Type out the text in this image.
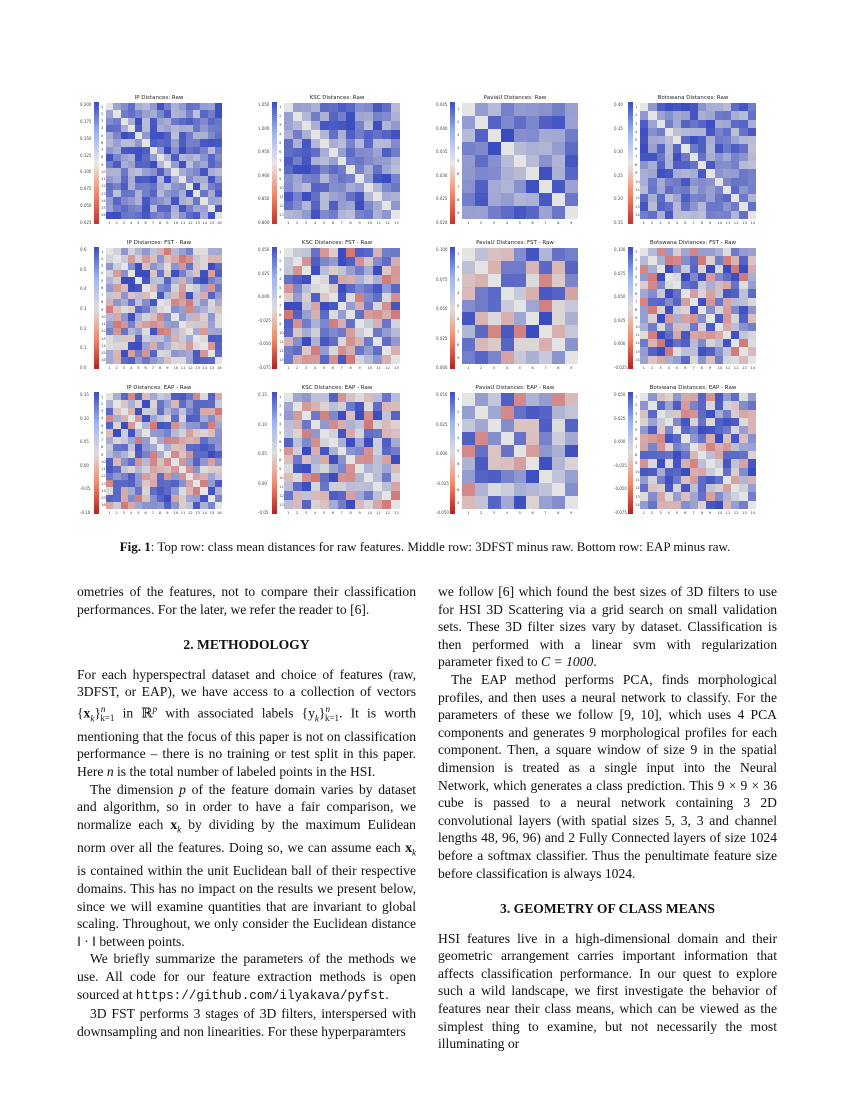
IP Distances: Raw
0.200
0.175
0.150
0.125
0.100
0.075
0.050
0.025
1
1
2
2
3
3
4
4
5
5
6
6
7
7
8
8
9
9
10
10
11
11
12
12
13
13
14
14
15
15
16
16
KSC Distances: Raw
1.050
1.000
0.950
0.900
0.850
0.800
1
1
2
2
3
3
4
4
5
5
6
6
7
7
8
8
9
9
10
10
11
11
12
12
13
13
PaviaU Distances: Raw
0.045
0.040
0.035
0.030
0.025
0.020
1
1
2
2
3
3
4
4
5
5
6
6
7
7
8
8
9
9
Botswana Distances: Raw
0.40
0.35
0.30
0.25
0.20
0.15
1
1
2
2
3
3
4
4
5
5
6
6
7
7
8
8
9
9
10
10
11
11
12
12
13
13
14
14
IP Distances: FST - Raw
0.6
0.5
0.4
0.3
0.2
0.1
0.0
1
1
2
2
3
3
4
4
5
5
6
6
7
7
8
8
9
9
10
10
11
11
12
12
13
13
14
14
15
15
16
16
KSC Distances: FST - Raw
0.050
0.025
0.000
-0.025
-0.050
-0.075
1
1
2
2
3
3
4
4
5
5
6
6
7
7
8
8
9
9
10
10
11
11
12
12
13
13
PaviaU Distances: FST - Raw
0.100
0.075
0.050
0.025
0.000
1
1
2
2
3
3
4
4
5
5
6
6
7
7
8
8
9
9
Botswana Distances: FST - Raw
0.100
0.075
0.050
0.025
0.000
-0.025
1
1
2
2
3
3
4
4
5
5
6
6
7
7
8
8
9
9
10
10
11
11
12
12
13
13
14
14
IP Distances: EAP - Raw
0.15
0.10
0.05
0.00
-0.05
-0.10
1
1
2
2
3
3
4
4
5
5
6
6
7
7
8
8
9
9
10
10
11
11
12
12
13
13
14
14
15
15
16
16
KSC Distances: EAP - Raw
0.15
0.10
0.05
0.00
-0.05
1
1
2
2
3
3
4
4
5
5
6
6
7
7
8
8
9
9
10
10
11
11
12
12
13
13
PaviaU Distances: EAP - Raw
0.050
0.025
0.000
-0.025
-0.050
1
1
2
2
3
3
4
4
5
5
6
6
7
7
8
8
9
9
Botswana Distances: EAP - Raw
0.050
0.025
0.000
-0.025
-0.050
-0.075
1
1
2
2
3
3
4
4
5
5
6
6
7
7
8
8
9
9
10
10
11
11
12
12
13
13
14
14
Fig. 1: Top row: class mean distances for raw features. Middle row: 3DFST minus raw. Bottom row: EAP minus raw.

ometries of the features, not to compare their classification performances. For the later, we refer the reader to [6].

2. METHODOLOGY

For each hyperspectral dataset and choice of features (raw, 3DFST, or EAP), we have access to a collection of vectors $\{x_k\}^n_{k=1}$ in ℝ$^p$ with associated labels $\{y_k\}^n_{k=1}$. It is worth mentioning that the focus of this paper is not on classification performance – there is no training or test split in this paper. Here n is the total number of labeled points in the HSI.

The dimension p of the feature domain varies by dataset and algorithm, so in order to have a fair comparison, we normalize each $x_k$ by dividing by the maximum Eulidean norm over all the features. Doing so, we can assume each $x_k$ is contained within the unit Euclidean ball of their respective domains. This has no impact on the results we present below, since we will examine quantities that are invariant to global scaling. Throughout, we only consider the Euclidean distance ‖ · ‖ between points.

We briefly summarize the parameters of the methods we use. All code for our feature extraction methods is open sourced at https://github.com/ilyakava/pyfst.

3D FST performs 3 stages of 3D filters, interspersed with downsampling and non linearities. For these hyperparamters

we follow [6] which found the best sizes of 3D filters to use for HSI 3D Scattering via a grid search on small validation sets. These 3D filter sizes vary by dataset. Classification is then performed with a linear svm with regularization parameter fixed to C = 1000.

The EAP method performs PCA, finds morphological profiles, and then uses a neural network to classify. For the parameters of these we follow [9, 10], which uses 4 PCA components and generates 9 morphological profiles for each component. Then, a square window of size 9 in the spatial dimension is treated as a single input into the Neural Network, which generates a class prediction. This 9 × 9 × 36 cube is passed to a neural network containing 3 2D convolutional layers (with spatial sizes 5, 3, 3 and channel lengths 48, 96, 96) and 2 Fully Connected layers of size 1024 before a softmax classifier. Thus the penultimate feature size before classification is always 1024.

3. GEOMETRY OF CLASS MEANS

HSI features live in a high-dimensional domain and their geometric arrangement carries important information that affects classification performance. In our quest to explore such a wild landscape, we first investigate the behavior of features near their class means, which can be viewed as the simplest thing to examine, but not necessarily the most illuminating or
